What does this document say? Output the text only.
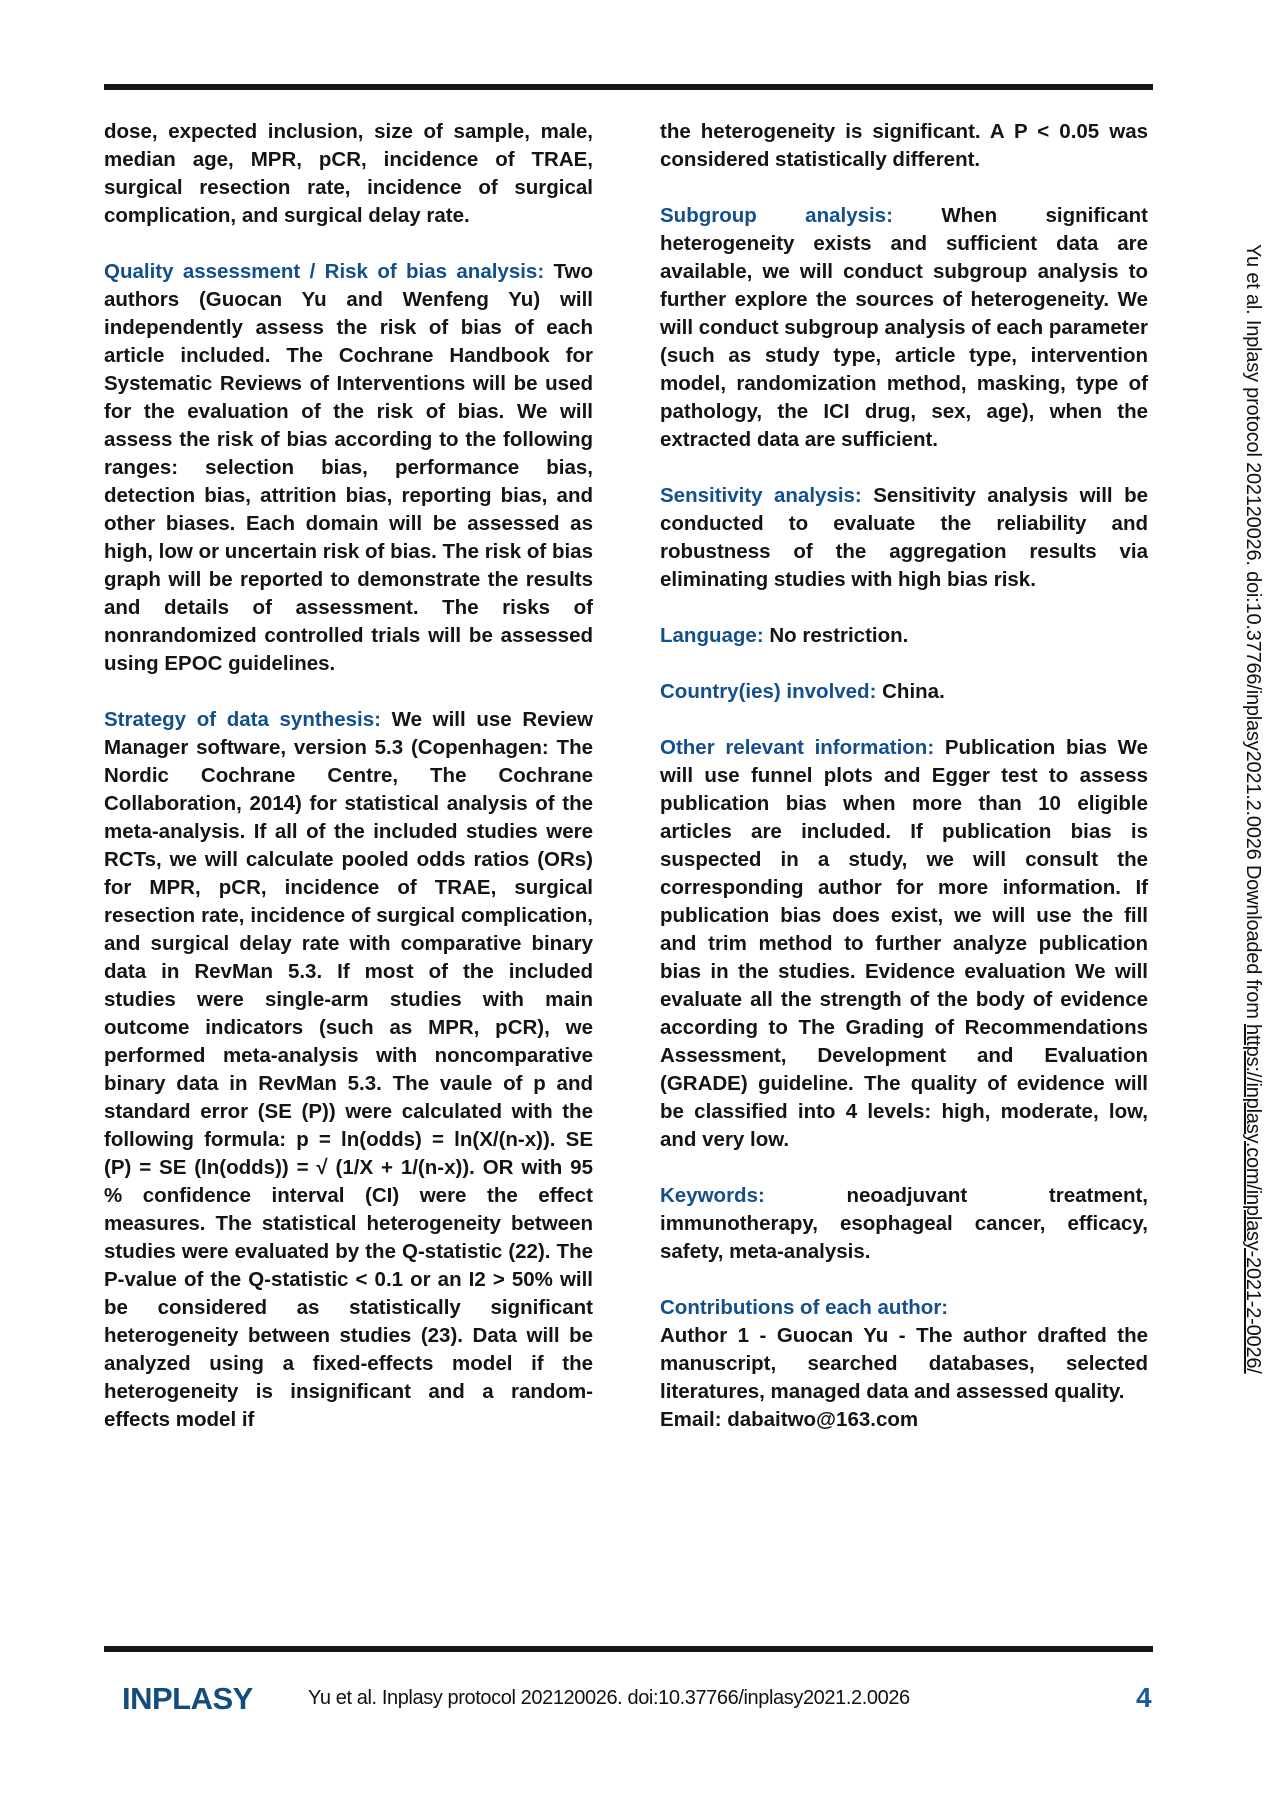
dose, expected inclusion, size of sample, male, median age, MPR, pCR, incidence of TRAE, surgical resection rate, incidence of surgical complication, and surgical delay rate.

Quality assessment / Risk of bias analysis: Two authors (Guocan Yu and Wenfeng Yu) will independently assess the risk of bias of each article included. The Cochrane Handbook for Systematic Reviews of Interventions will be used for the evaluation of the risk of bias. We will assess the risk of bias according to the following ranges: selection bias, performance bias, detection bias, attrition bias, reporting bias, and other biases. Each domain will be assessed as high, low or uncertain risk of bias. The risk of bias graph will be reported to demonstrate the results and details of assessment. The risks of nonrandomized controlled trials will be assessed using EPOC guidelines.

Strategy of data synthesis: We will use Review Manager software, version 5.3 (Copenhagen: The Nordic Cochrane Centre, The Cochrane Collaboration, 2014) for statistical analysis of the meta-analysis. If all of the included studies were RCTs, we will calculate pooled odds ratios (ORs) for MPR, pCR, incidence of TRAE, surgical resection rate, incidence of surgical complication, and surgical delay rate with comparative binary data in RevMan 5.3. If most of the included studies were single-arm studies with main outcome indicators (such as MPR, pCR), we performed meta-analysis with noncomparative binary data in RevMan 5.3. The vaule of p and standard error (SE (P)) were calculated with the following formula: p = ln(odds) = ln(X/(n-x)). SE (P) = SE (ln(odds)) = √ (1/X + 1/(n-x)). OR with 95 % confidence interval (CI) were the effect measures. The statistical heterogeneity between studies were evaluated by the Q-statistic (22). The P-value of the Q-statistic < 0.1 or an I2 > 50% will be considered as statistically significant heterogeneity between studies (23). Data will be analyzed using a fixed-effects model if the heterogeneity is insignificant and a random-effects model if

the heterogeneity is significant. A P < 0.05 was considered statistically different.

Subgroup analysis: When significant heterogeneity exists and sufficient data are available, we will conduct subgroup analysis to further explore the sources of heterogeneity. We will conduct subgroup analysis of each parameter (such as study type, article type, intervention model, randomization method, masking, type of pathology, the ICI drug, sex, age), when the extracted data are sufficient.

Sensitivity analysis: Sensitivity analysis will be conducted to evaluate the reliability and robustness of the aggregation results via eliminating studies with high bias risk.

Language: No restriction.

Country(ies) involved: China.

Other relevant information: Publication bias We will use funnel plots and Egger test to assess publication bias when more than 10 eligible articles are included. If publication bias is suspected in a study, we will consult the corresponding author for more information. If publication bias does exist, we will use the fill and trim method to further analyze publication bias in the studies. Evidence evaluation We will evaluate all the strength of the body of evidence according to The Grading of Recommendations Assessment, Development and Evaluation (GRADE) guideline. The quality of evidence will be classified into 4 levels: high, moderate, low, and very low.

Keywords:	neoadjuvant treatment, immunotherapy, esophageal cancer, efficacy, safety, meta-analysis.

Contributions of each author:
Author 1 - Guocan Yu - The author drafted the manuscript, searched databases, selected literatures, managed data and assessed quality.
Email: dabaitwo@163.com

Yu et al. Inplasy protocol 202120026. doi:10.37766/inplasy2021.2.0026 Downloaded from https://inplasy.com/inplasy-2021-2-0026/
INPLASY	Yu et al. Inplasy protocol 202120026. doi:10.37766/inplasy2021.2.0026	4
